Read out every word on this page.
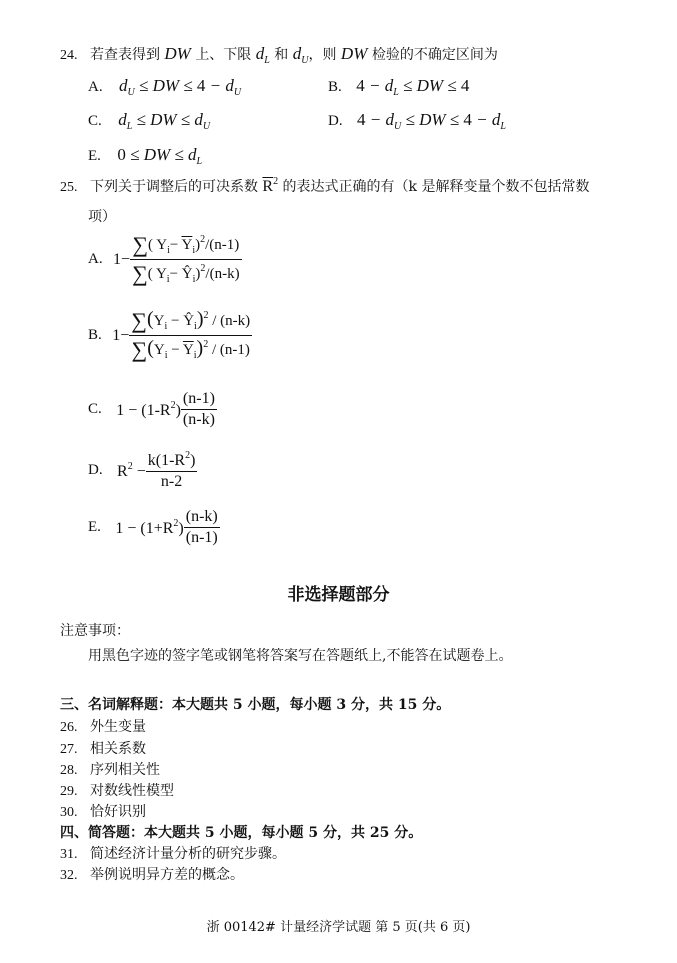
24. 若查表得到 DW 上、下限 $d_L$ 和 $d_U$，则 DW 检验的不确定区间为
A. $d_U$ ≤ DW ≤ $4 - d_U$	B. $4 - d_L$ ≤ DW ≤ 4
C. $d_L$ ≤ DW ≤ $d_U$	D. $4 - d_U$ ≤ DW ≤ $4 - d_L$
E. 0 ≤ DW ≤ $d_L$
25. 下列关于调整后的可决系数 $\overline{R}^2$ 的表达式正确的有（k 是解释变量个数不包括常数
项）
A. $1- \frac{\sum( Y_i- \overline{Y}_i)^2/(n-1)}{\sum( Y_i- Ŷ_i)^2/(n-k)}$
B. $1- \frac{\sum(Y_i - Ŷ_i)^2 / (n-k)}{\sum(Y_i - \overline{Y}_i)^2 / (n-1)}$
C. $1 - (1-R^2) \frac{(n-1)}{(n-k)}$
D. $R^2 - \frac{k(1-R^2)}{n-2}$
E. $1 - (1+R^2) \frac{(n-k)}{(n-1)}$
非选择题部分
注意事项：
用黑色字迹的签字笔或钢笔将答案写在答题纸上,不能答在试题卷上。
三、名词解释题：本大题共 5 小题，每小题 3 分，共 15 分。
26. 外生变量
27. 相关系数
28. 序列相关性
29. 对数线性模型
30. 恰好识别
四、简答题：本大题共 5 小题，每小题 5 分，共 25 分。
31. 简述经济计量分析的研究步骤。
32. 举例说明异方差的概念。
浙 00142# 计量经济学试题 第 5 页(共 6 页)
